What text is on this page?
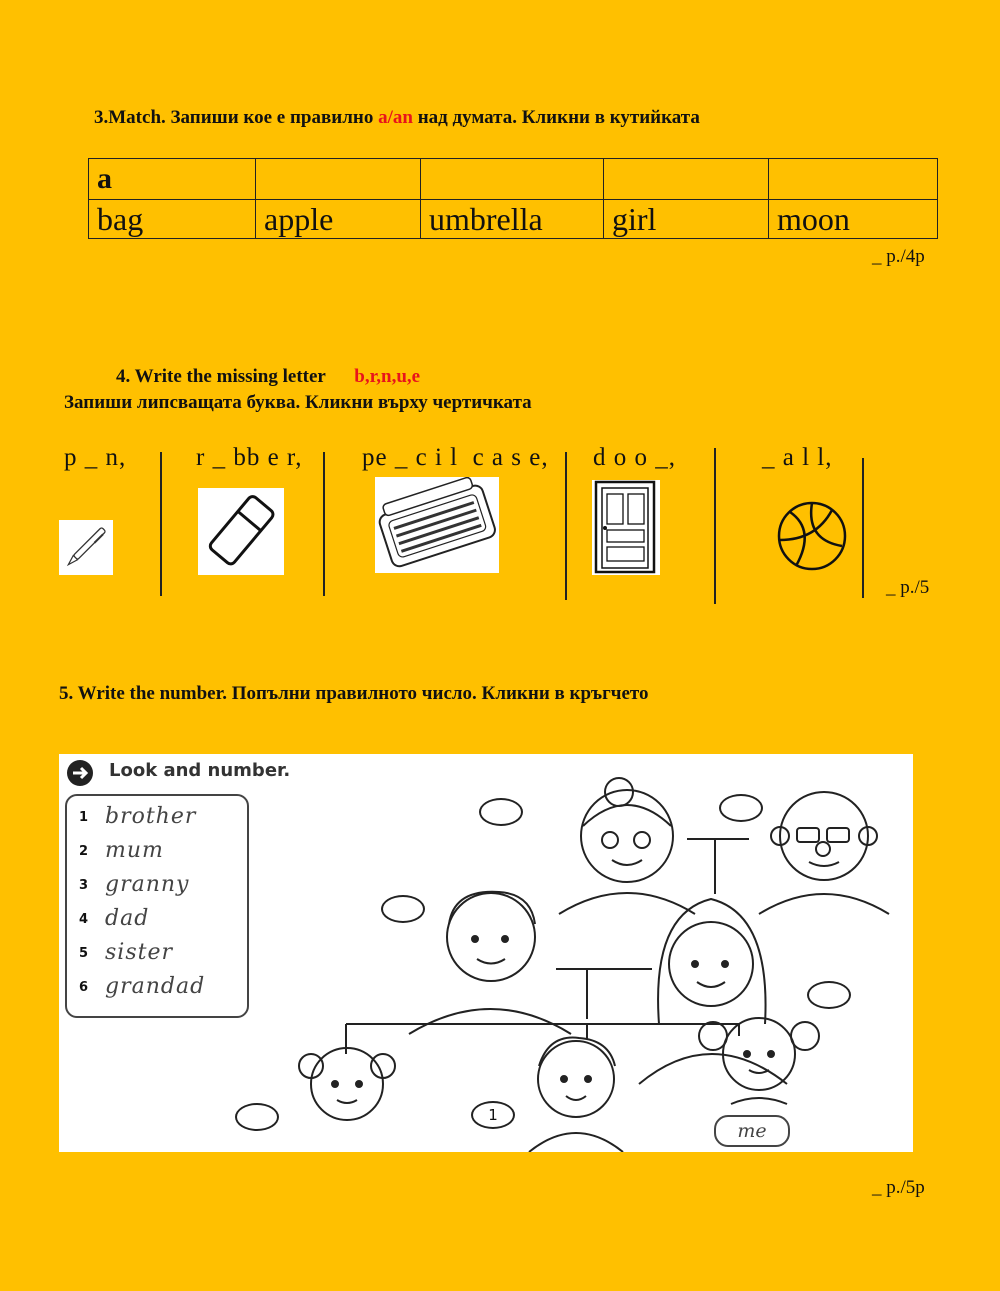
3.Match. Запиши кое е правилно a/an над думата. Кликни в кутийката
a				
bag	apple	umbrella	girl	moon
_ p./4p
4. Write the missing letter b,r,n,u,e
Запиши липсващата буква. Кликни върху чертичката
p _ n,	r _ bb e r, pe _ c i l  c a s e, d o o _,	_ a l l,
_ p./5
5. Write the number. Попълни правилното число. Кликни в кръгчето
Look and number.
1 brother
2 mum
3 granny
4 dad
5 sister
6 grandad
1
me
_ p./5p
